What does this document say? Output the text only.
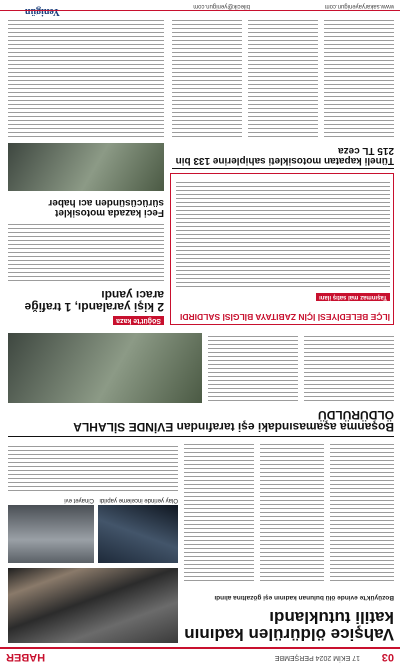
03
17 EKİM 2024 PERŞEMBE
HABER
Vahşice öldürülen kadının katili tutuklandı
Bozüyük'te evinde ölü bulunan kadının eşi gözaltına alındı
Olay yerinde inceleme yapıldı
Cinayet evi
Boşanma aşamasındaki eşi tarafından EVİNDE SİLAHLA ÖLDÜRÜLDÜ
İLÇE BELEDİYESİ İÇİN ZABITAYA BİLGİSİ SALDIRDI
Taşınmaz mal satış ilanı
Söğüt'te kaza
2 kişi yaralandı, 1 trafiğe aracı yandı
Feci kazada motosiklet sürücüsünden acı haber
Tüneli kapatan motosikleti sahiplerine 133 bin 215 TL ceza
Yenigün	www.sakaryayenigun.com
bilecik@yenigun.com
